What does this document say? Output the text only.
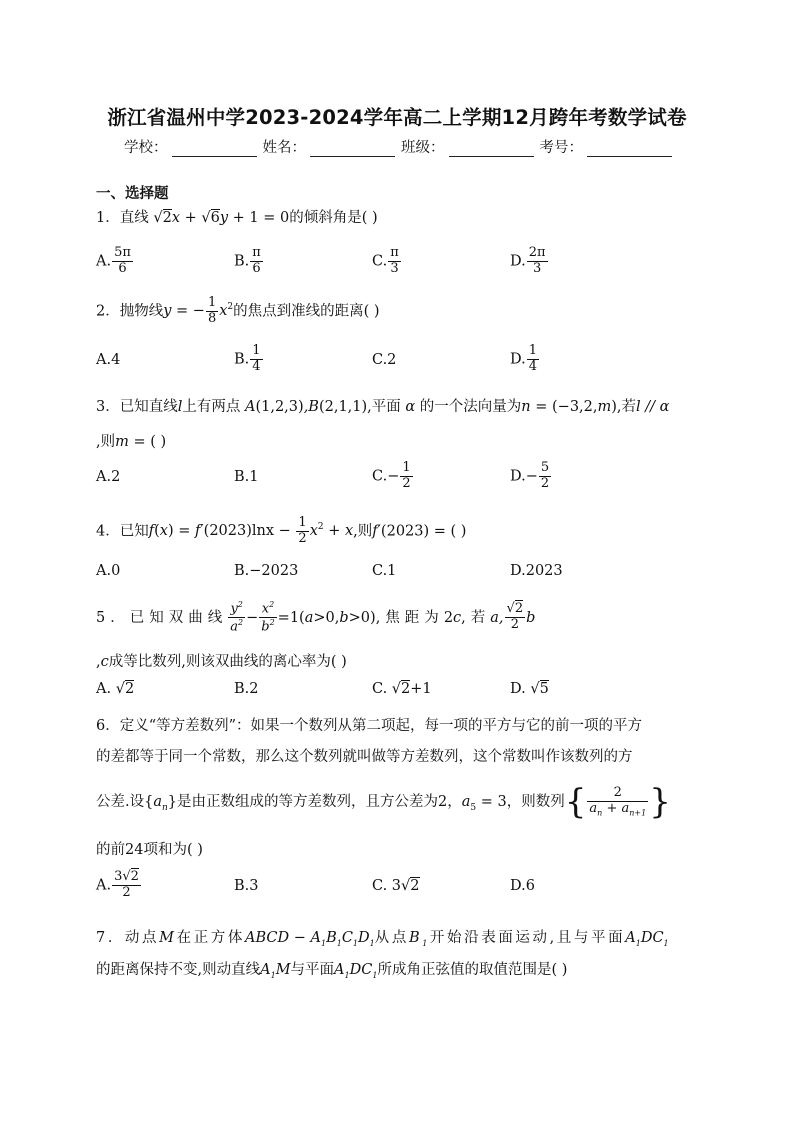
浙江省温州中学2023-2024学年高二上学期12月跨年考数学试卷
学校：	姓名：	班级：	考号：
一、选择题
1．直线 √2x + √6y + 1 = 0的倾斜角是( )
A. $\frac{5\pi}{6}$	B. $\frac{\pi}{6}$	C. $\frac{\pi}{3}$	D. $\frac{2\pi}{3}$
2．抛物线y = − $\frac{1}{8} x^2$的焦点到准线的距离( )
A.4	B. $\frac{1}{4}$	C.2	D. $\frac{1}{4}$
3．已知直线l上有两点 A(1,2,3),B(2,1,1),平面 α 的一个法向量为n = (−3,2,m),若l // α
,则m = ( )
A.2	B.1	$C.- \frac{1}{2}$	$D.- \frac{5}{2}$
4．已知$f(x) = f'(2023)\ln x - \frac{1}{2} x^2 + x$,则f′(2023) = ( )
A.0	B.−2023	C.1	D.2023
5．已知双曲线 $\frac{y^2}{a^2} - \frac{x^2}{b^2} =1(a>0,b>0)$,焦距为2c,若a, $\frac{√2}{2}$ b
,c成等比数列,则该双曲线的离心率为( )
A. √2	B.2	C. √2+1	D. √5
6．定义“等方差数列”：如果一个数列从第二项起，每一项的平方与它的前一项的平方
的差都等于同一个常数，那么这个数列就叫做等方差数列，这个常数叫作该数列的方
公差.设$\{a_n\}$是由正数组成的等方差数列，且方公差为2，$a_5 = 3$，则数列{ $\frac{2}{a_n + a_{n+1}}$ }
的前24项和为( )
A. $\frac{3√2}{2}$	B.3	C. 3√2	D.6
7．动点M在正方体ABCD − $A_1B_1C_1D_1$从点$B_1$开始沿表面运动,且与平面$A_1DC_1$
的距离保持不变,则动直线$A_1M$与平面$A_1DC_1$所成角正弦值的取值范围是( )
